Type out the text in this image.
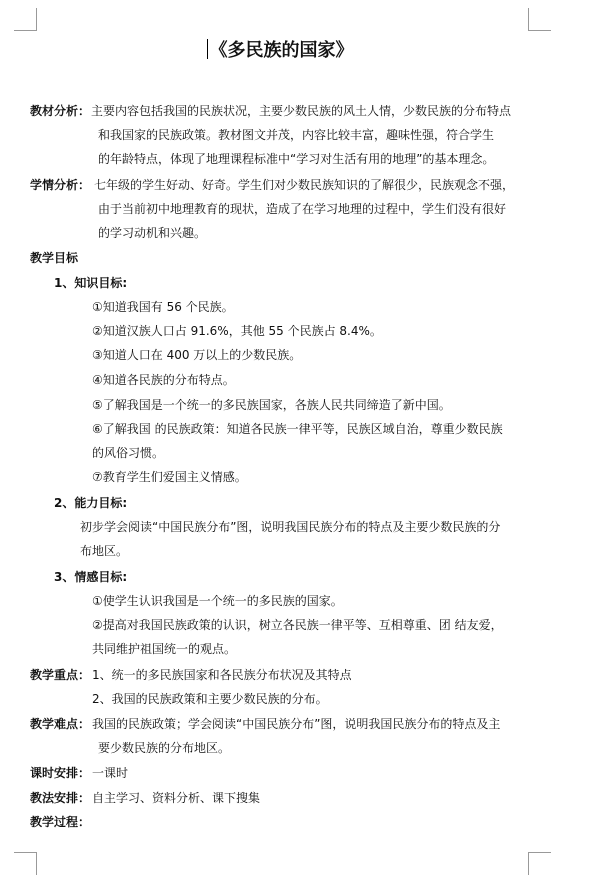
《多民族的国家》
教材分析： 主要内容包括我国的民族状况，主要少数民族的风土人情，少数民族的分布特点
和我国家的民族政策。教材图文并茂，内容比较丰富，趣味性强，符合学生
的年龄特点，体现了地理课程标准中“学习对生活有用的地理”的基本理念。
学情分析： 七年级的学生好动、好奇。学生们对少数民族知识的了解很少，民族观念不强，
由于当前初中地理教育的现状，造成了在学习地理的过程中，学生们没有很好
的学习动机和兴趣。
教学目标
1、知识目标:
①知道我国有 56 个民族。
②知道汉族人口占 91.6%，其他 55 个民族占 8.4%。
③知道人口在 400 万以上的少数民族。
④知道各民族的分布特点。
⑤了解我国是一个统一的多民族国家，各族人民共同缔造了新中国。
⑥了解我国 的民族政策：知道各民族一律平等，民族区域自治，尊重少数民族
的风俗习惯。
⑦教育学生们爱国主义情感。
2、能力目标:
初步学会阅读“中国民族分布”图，说明我国民族分布的特点及主要少数民族的分
布地区。
3、情感目标:
①使学生认识我国是一个统一的多民族的国家。
②提高对我国民族政策的认识，树立各民族一律平等、互相尊重、团 结友爱，
共同维护祖国统一的观点。
教学重点： 1、统一的多民族国家和各民族分布状况及其特点
2、我国的民族政策和主要少数民族的分布。
教学难点： 我国的民族政策；学会阅读“中国民族分布”图，说明我国民族分布的特点及主
要少数民族的分布地区。
课时安排： 一课时
教法安排： 自主学习、资料分析、课下搜集
教学过程：
